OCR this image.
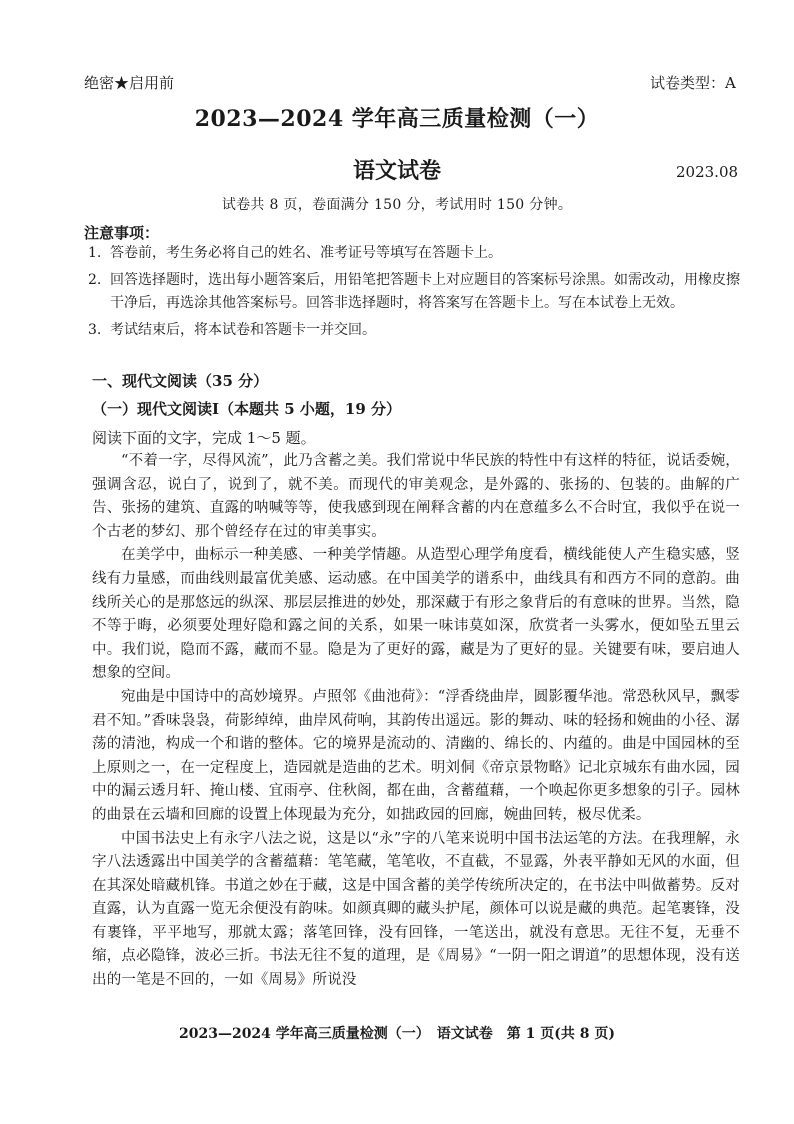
绝密★启用前	试卷类型：A
2023—2024 学年高三质量检测（一）
语文试卷	2023.08
试卷共 8 页，卷面满分 150 分，考试用时 150 分钟。
注意事项：
1. 答卷前，考生务必将自己的姓名、准考证号等填写在答题卡上。
2. 回答选择题时，选出每小题答案后，用铅笔把答题卡上对应题目的答案标号涂黑。如需改动，用橡皮擦干净后，再选涂其他答案标号。回答非选择题时，将答案写在答题卡上。写在本试卷上无效。
3. 考试结束后，将本试卷和答题卡一并交回。
一、现代文阅读（35 分）
（一）现代文阅读Ⅰ（本题共 5 小题，19 分）
阅读下面的文字，完成 1～5 题。

“不着一字，尽得风流”，此乃含蓄之美。我们常说中华民族的特性中有这样的特征，说话委婉，强调含忍，说白了，说到了，就不美。而现代的审美观念，是外露的、张扬的、包装的。曲解的广告、张扬的建筑、直露的呐喊等等，使我感到现在阐释含蓄的内在意蕴多么不合时宜，我似乎在说一个古老的梦幻、那个曾经存在过的审美事实。

在美学中，曲标示一种美感、一种美学情趣。从造型心理学角度看，横线能使人产生稳实感，竖线有力量感，而曲线则最富优美感、运动感。在中国美学的谱系中，曲线具有和西方不同的意韵。曲线所关心的是那悠远的纵深、那层层推进的妙处，那深藏于有形之象背后的有意味的世界。当然，隐不等于晦，必须要处理好隐和露之间的关系，如果一味讳莫如深，欣赏者一头雾水，便如坠五里云中。我们说，隐而不露，藏而不显。隐是为了更好的露，藏是为了更好的显。关键要有味，要启迪人想象的空间。

宛曲是中国诗中的高妙境界。卢照邻《曲池荷》：“浮香绕曲岸，圆影覆华池。常恐秋风早，飘零君不知。”香味袅袅，荷影绰绰，曲岸风荷响，其韵传出遥远。影的舞动、味的轻扬和婉曲的小径、潺荡的清池，构成一个和谐的整体。它的境界是流动的、清幽的、绵长的、内蕴的。曲是中国园林的至上原则之一，在一定程度上，造园就是造曲的艺术。明刘侗《帝京景物略》记北京城东有曲水园，园中的漏云透月轩、掩山楼、宜雨亭、住秋阁，都在曲，含蓄蕴藉，一个唤起你更多想象的引子。园林的曲景在云墙和回廊的设置上体现最为充分，如拙政园的回廊，婉曲回转，极尽优柔。

中国书法史上有永字八法之说，这是以“永”字的八笔来说明中国书法运笔的方法。在我理解，永字八法透露出中国美学的含蓄蕴藉：笔笔藏，笔笔收，不直截，不显露，外表平静如无风的水面，但在其深处暗藏机锋。书道之妙在于藏，这是中国含蓄的美学传统所决定的，在书法中叫做蓄势。反对直露，认为直露一览无余便没有韵味。如颜真卿的藏头护尾，颜体可以说是藏的典范。起笔裹锋，没有裹锋，平平地写，那就太露；落笔回锋，没有回锋，一笔送出，就没有意思。无往不复，无垂不缩，点必隐锋，波必三折。书法无往不复的道理，是《周易》“一阴一阳之谓道”的思想体现，没有送出的一笔是不回的，一如《周易》所说没

2023—2024 学年高三质量检测（一）　语文试卷　第 1 页(共 8 页)
